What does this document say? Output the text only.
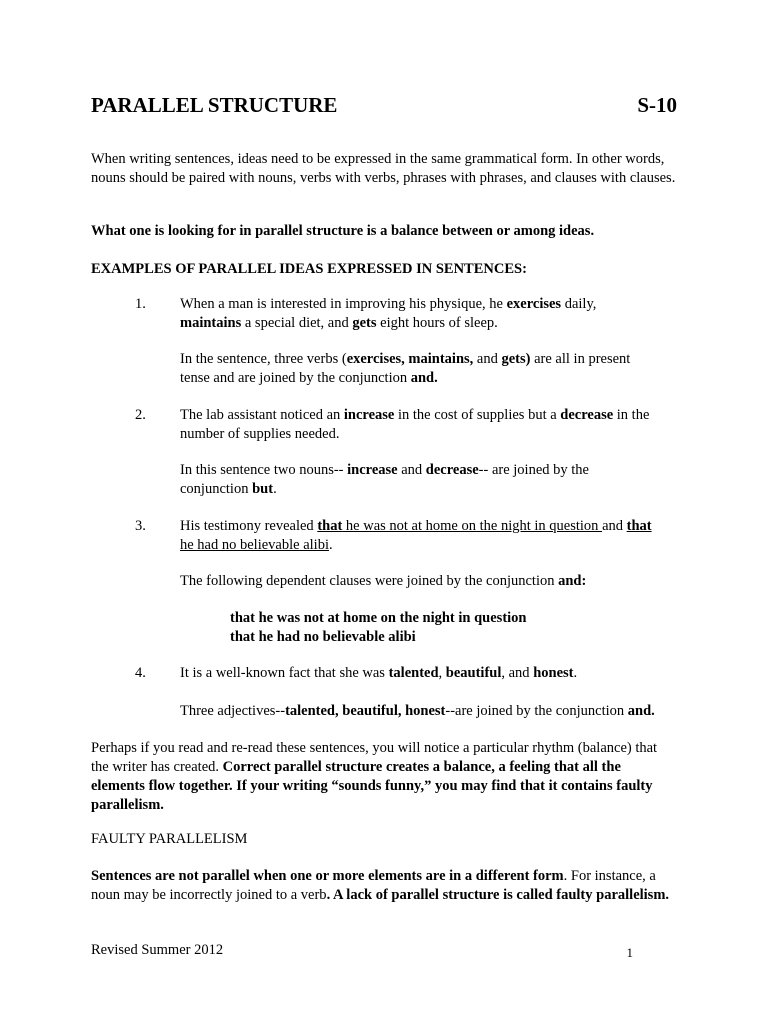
PARALLEL STRUCTURE	S-10

When writing sentences, ideas need to be expressed in the same grammatical form. In other words, nouns should be paired with nouns, verbs with verbs, phrases with phrases, and clauses with clauses.

What one is looking for in parallel structure is a balance between or among ideas.

EXAMPLES OF PARALLEL IDEAS EXPRESSED IN SENTENCES:

1. When a man is interested in improving his physique, he exercises daily,
maintains a special diet, and gets eight hours of sleep.

In the sentence, three verbs (exercises, maintains, and gets) are all in present
tense and are joined by the conjunction and.

2. The lab assistant noticed an increase in the cost of supplies but a decrease in the
number of supplies needed.

In this sentence two nouns-- increase and decrease-- are joined by the
conjunction but.

3. His testimony revealed that he was not at home on the night in question and that
he had no believable alibi.

The following dependent clauses were joined by the conjunction and:

that he was not at home on the night in question
that he had no believable alibi

4. It is a well-known fact that she was talented, beautiful, and honest.

Three adjectives--talented, beautiful, honest--are joined by the conjunction and.

Perhaps if you read and re-read these sentences, you will notice a particular rhythm (balance) that the writer has created. Correct parallel structure creates a balance, a feeling that all the elements flow together. If your writing “sounds funny,” you may find that it contains faulty parallelism.

FAULTY PARALLELISM

Sentences are not parallel when one or more elements are in a different form. For instance, a noun may be incorrectly joined to a verb. A lack of parallel structure is called faulty parallelism.

Revised Summer 2012	1
